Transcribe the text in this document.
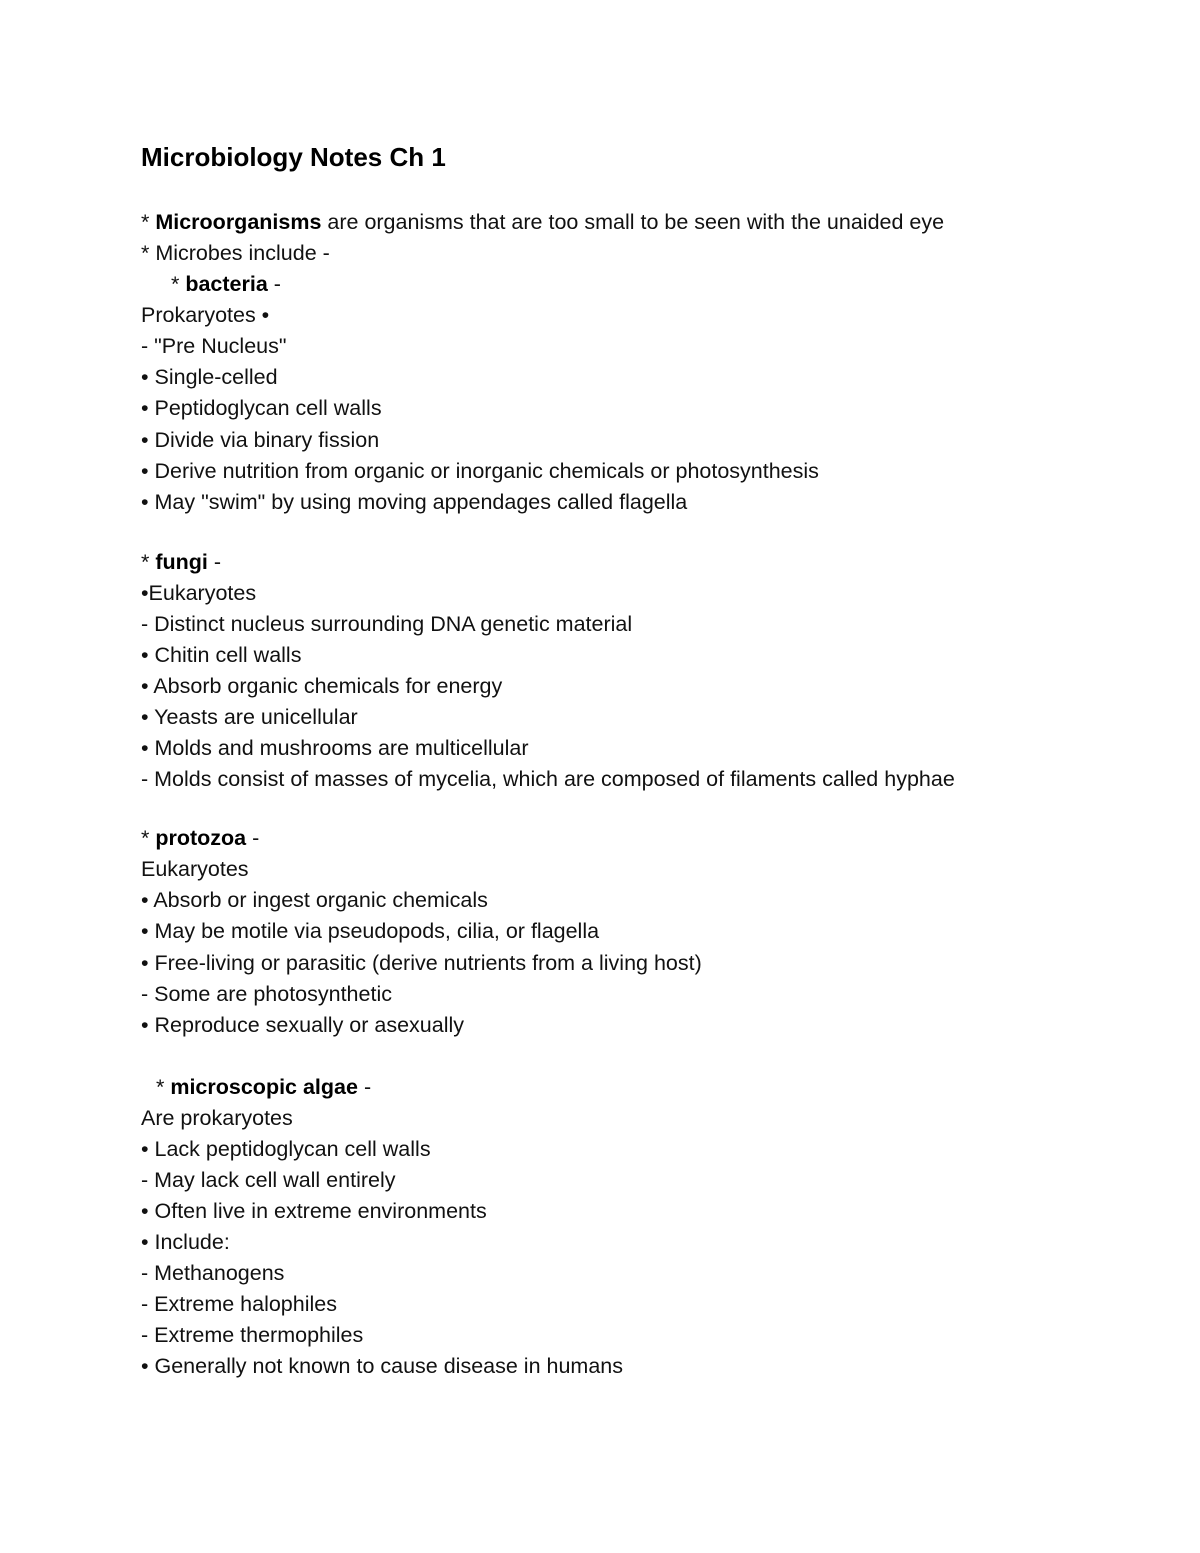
Microbiology Notes Ch 1
* Microorganisms are organisms that are too small to be seen with the unaided eye
* Microbes include -
* bacteria -
Prokaryotes •
- "Pre Nucleus"
• Single-celled
• Peptidoglycan cell walls
• Divide via binary fission
• Derive nutrition from organic or inorganic chemicals or photosynthesis
• May "swim" by using moving appendages called flagella
* fungi -
•Eukaryotes
- Distinct nucleus surrounding DNA genetic material
• Chitin cell walls
• Absorb organic chemicals for energy
• Yeasts are unicellular
• Molds and mushrooms are multicellular
- Molds consist of masses of mycelia, which are composed of filaments called hyphae
* protozoa -
Eukaryotes
• Absorb or ingest organic chemicals
• May be motile via pseudopods, cilia, or flagella
• Free-living or parasitic (derive nutrients from a living host)
- Some are photosynthetic
• Reproduce sexually or asexually
* microscopic algae -
Are prokaryotes
• Lack peptidoglycan cell walls
- May lack cell wall entirely
• Often live in extreme environments
• Include:
- Methanogens
- Extreme halophiles
- Extreme thermophiles
• Generally not known to cause disease in humans
